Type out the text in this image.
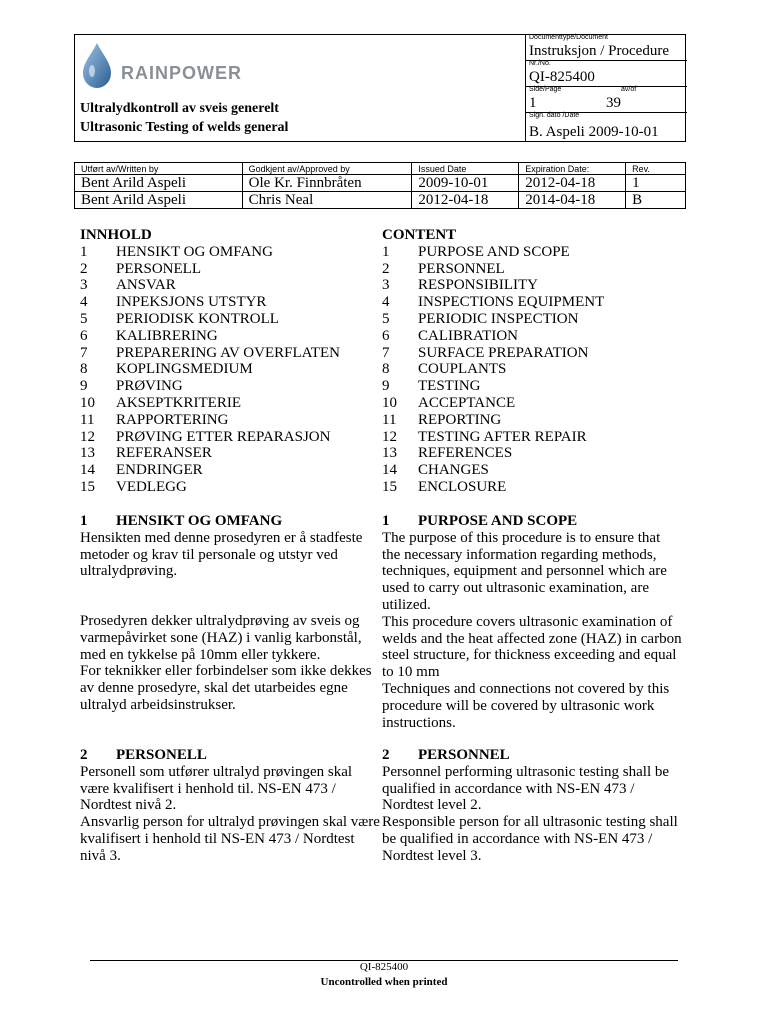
RAINPOWER
Ultralydkontroll av sveis generelt
Ultrasonic Testing of welds general
Documenttype/Document
Instruksjon / Procedure
Nr./No.
QI-825400
Side/Page	av/of
1	39
Sign. dato /Date
B. Aspeli 2009-10-01
Utført av/Written by	Godkjent av/Approved by	Issued Date	Expiration Date:	Rev.
Bent Arild Aspeli	Ole Kr. Finnbråten	2009-10-01	2012-04-18	1
Bent Arild Aspeli	Chris Neal	2012-04-18	2014-04-18	B
INNHOLD
1	HENSIKT OG OMFANG
2	PERSONELL
3	ANSVAR
4	INPEKSJONS UTSTYR
5	PERIODISK KONTROLL
6	KALIBRERING
7	PREPARERING AV OVERFLATEN
8	KOPLINGSMEDIUM
9	PRØVING
10	AKSEPTKRITERIE
11	RAPPORTERING
12	PRØVING ETTER REPARASJON
13	REFERANSER
14	ENDRINGER
15	VEDLEGG
CONTENT
1	PURPOSE AND SCOPE
2	PERSONNEL
3	RESPONSIBILITY
4	INSPECTIONS EQUIPMENT
5	PERIODIC INSPECTION
6	CALIBRATION
7	SURFACE PREPARATION
8	COUPLANTS
9	TESTING
10	ACCEPTANCE
11	REPORTING
12	TESTING AFTER REPAIR
13	REFERENCES
14	CHANGES
15	ENCLOSURE
1	HENSIKT OG OMFANG

Hensikten med denne prosedyren er å stadfeste metoder og krav til personale og utstyr ved ultralydprøving.

Prosedyren dekker ultralydprøving av sveis og varmepåvirket sone (HAZ) i vanlig karbonstål, med en tykkelse på 10mm eller tykkere.

For teknikker eller forbindelser som ikke dekkes av denne prosedyre, skal det utarbeides egne ultralyd arbeidsinstrukser.

1	PURPOSE AND SCOPE

The purpose of this procedure is to ensure that the necessary information regarding methods, techniques, equipment and personnel which are used to carry out ultrasonic examination, are utilized.

This procedure covers ultrasonic examination of welds and the heat affected zone (HAZ) in carbon steel structure, for thickness exceeding and equal to 10 mm

Techniques and connections not covered by this procedure will be covered by ultrasonic work instructions.

2	PERSONELL

Personell som utfører ultralyd prøvingen skal være kvalifisert i henhold til. NS-EN 473 / Nordtest nivå 2.

Ansvarlig person for ultralyd prøvingen skal være kvalifisert i henhold til NS-EN 473 / Nordtest nivå 3.

2	PERSONNEL

Personnel performing ultrasonic testing shall be qualified in accordance with NS-EN 473 / Nordtest level 2.

Responsible person for all ultrasonic testing shall be qualified in accordance with NS-EN 473 / Nordtest level 3.

QI-825400
Uncontrolled when printed
